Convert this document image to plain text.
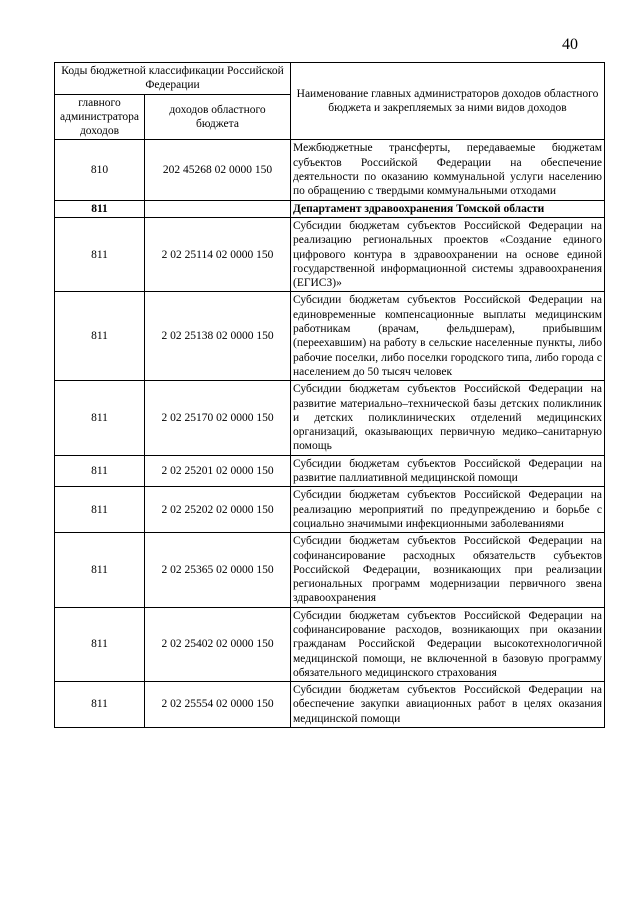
40
Коды бюджетной классификации Российской Федерации		Наименование главных администраторов доходов областного бюджета и закрепляемых за ними видов доходов
главного администратора доходов	доходов областного бюджета	
810	202 45268 02 0000 150	Межбюджетные трансферты, передаваемые бюджетам субъектов Российской Федерации на обеспечение деятельности по оказанию коммунальной услуги населению по обращению с твердыми коммунальными отходами
811		Департамент здравоохранения Томской области
811	2 02 25114 02 0000 150	Субсидии бюджетам субъектов Российской Федерации на реализацию региональных проектов «Создание единого цифрового контура в здравоохранении на основе единой государственной информационной системы здравоохранения (ЕГИСЗ)»
811	2 02 25138 02 0000 150	Субсидии бюджетам субъектов Российской Федерации на единовременные компенсационные выплаты медицинским работникам (врачам, фельдшерам), прибывшим (переехавшим) на работу в сельские населенные пункты, либо рабочие поселки, либо поселки городского типа, либо города с населением до 50 тысяч человек
811	2 02 25170 02 0000 150	Субсидии бюджетам субъектов Российской Федерации на развитие материально–технической базы детских поликлиник и детских поликлинических отделений медицинских организаций, оказывающих первичную медико–санитарную помощь
811	2 02 25201 02 0000 150	Субсидии бюджетам субъектов Российской Федерации на развитие паллиативной медицинской помощи
811	2 02 25202 02 0000 150	Субсидии бюджетам субъектов Российской Федерации на реализацию мероприятий по предупреждению и борьбе с социально значимыми инфекционными заболеваниями
811	2 02 25365 02 0000 150	Субсидии бюджетам субъектов Российской Федерации на софинансирование расходных обязательств субъектов Российской Федерации, возникающих при реализации региональных программ модернизации первичного звена здравоохранения
811	2 02 25402 02 0000 150	Субсидии бюджетам субъектов Российской Федерации на софинансирование расходов, возникающих при оказании гражданам Российской Федерации высокотехнологичной медицинской помощи, не включенной в базовую программу обязательного медицинского страхования
811	2 02 25554 02 0000 150	Субсидии бюджетам субъектов Российской Федерации на обеспечение закупки авиационных работ в целях оказания медицинской помощи
